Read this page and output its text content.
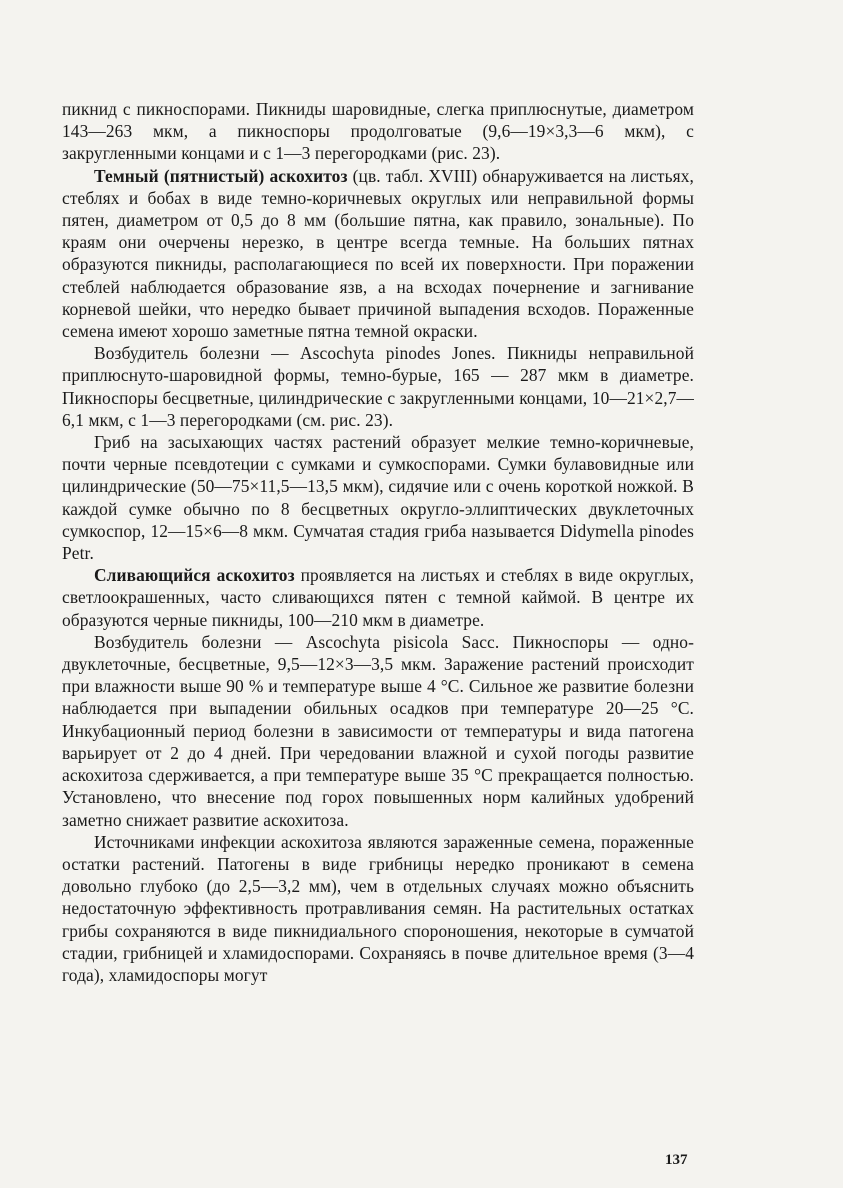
пикнид с пикноспорами. Пикниды шаровидные, слегка приплюснутые, диаметром 143—263 мкм, а пикноспоры продолговатые (9,6—19×3,3—6 мкм), с закругленными концами и с 1—3 перегородками (рис. 23).

Темный (пятнистый) аскохитоз (цв. табл. XVIII) обнаруживается на листьях, стеблях и бобах в виде темно-коричневых округлых или неправильной формы пятен, диаметром от 0,5 до 8 мм (большие пятна, как правило, зональные). По краям они очерчены нерезко, в центре всегда темные. На больших пятнах образуются пикниды, располагающиеся по всей их поверхности. При поражении стеблей наблюдается образование язв, а на всходах почернение и загнивание корневой шейки, что нередко бывает причиной выпадения всходов. Пораженные семена имеют хорошо заметные пятна темной окраски.

Возбудитель болезни — Ascochyta pinodes Jones. Пикниды неправильной приплюснуто-шаровидной формы, темно-бурые, 165 — 287 мкм в диаметре. Пикноспоры бесцветные, цилиндрические с закругленными концами, 10—21×2,7—6,1 мкм, с 1—3 перегородками (см. рис. 23).

Гриб на засыхающих частях растений образует мелкие темно-коричневые, почти черные псевдотеции с сумками и сумкоспорами. Сумки булавовидные или цилиндрические (50—75×11,5—13,5 мкм), сидячие или с очень короткой ножкой. В каждой сумке обычно по 8 бесцветных округло-эллиптических двуклеточных сумкоспор, 12—15×6—8 мкм. Сумчатая стадия гриба называется Didymella pinodes Petr.

Сливающийся аскохитоз проявляется на листьях и стеблях в виде округлых, светлоокрашенных, часто сливающихся пятен с темной каймой. В центре их образуются черные пикниды, 100—210 мкм в диаметре.

Возбудитель болезни — Ascochyta pisicola Sacc. Пикноспоры — одно-двуклеточные, бесцветные, 9,5—12×3—3,5 мкм. Заражение растений происходит при влажности выше 90 % и температуре выше 4 °С. Сильное же развитие болезни наблюдается при выпадении обильных осадков при температуре 20—25 °С. Инкубационный период болезни в зависимости от температуры и вида патогена варьирует от 2 до 4 дней. При чередовании влажной и сухой погоды развитие аскохитоза сдерживается, а при температуре выше 35 °С прекращается полностью. Установлено, что внесение под горох повышенных норм калийных удобрений заметно снижает развитие аскохитоза.

Источниками инфекции аскохитоза являются зараженные семена, пораженные остатки растений. Патогены в виде грибницы нередко проникают в семена довольно глубоко (до 2,5—3,2 мм), чем в отдельных случаях можно объяснить недостаточную эффективность протравливания семян. На растительных остатках грибы сохраняются в виде пикнидиального спороношения, некоторые в сумчатой стадии, грибницей и хламидоспорами. Сохраняясь в почве длительное время (3—4 года), хламидоспоры могут

137
